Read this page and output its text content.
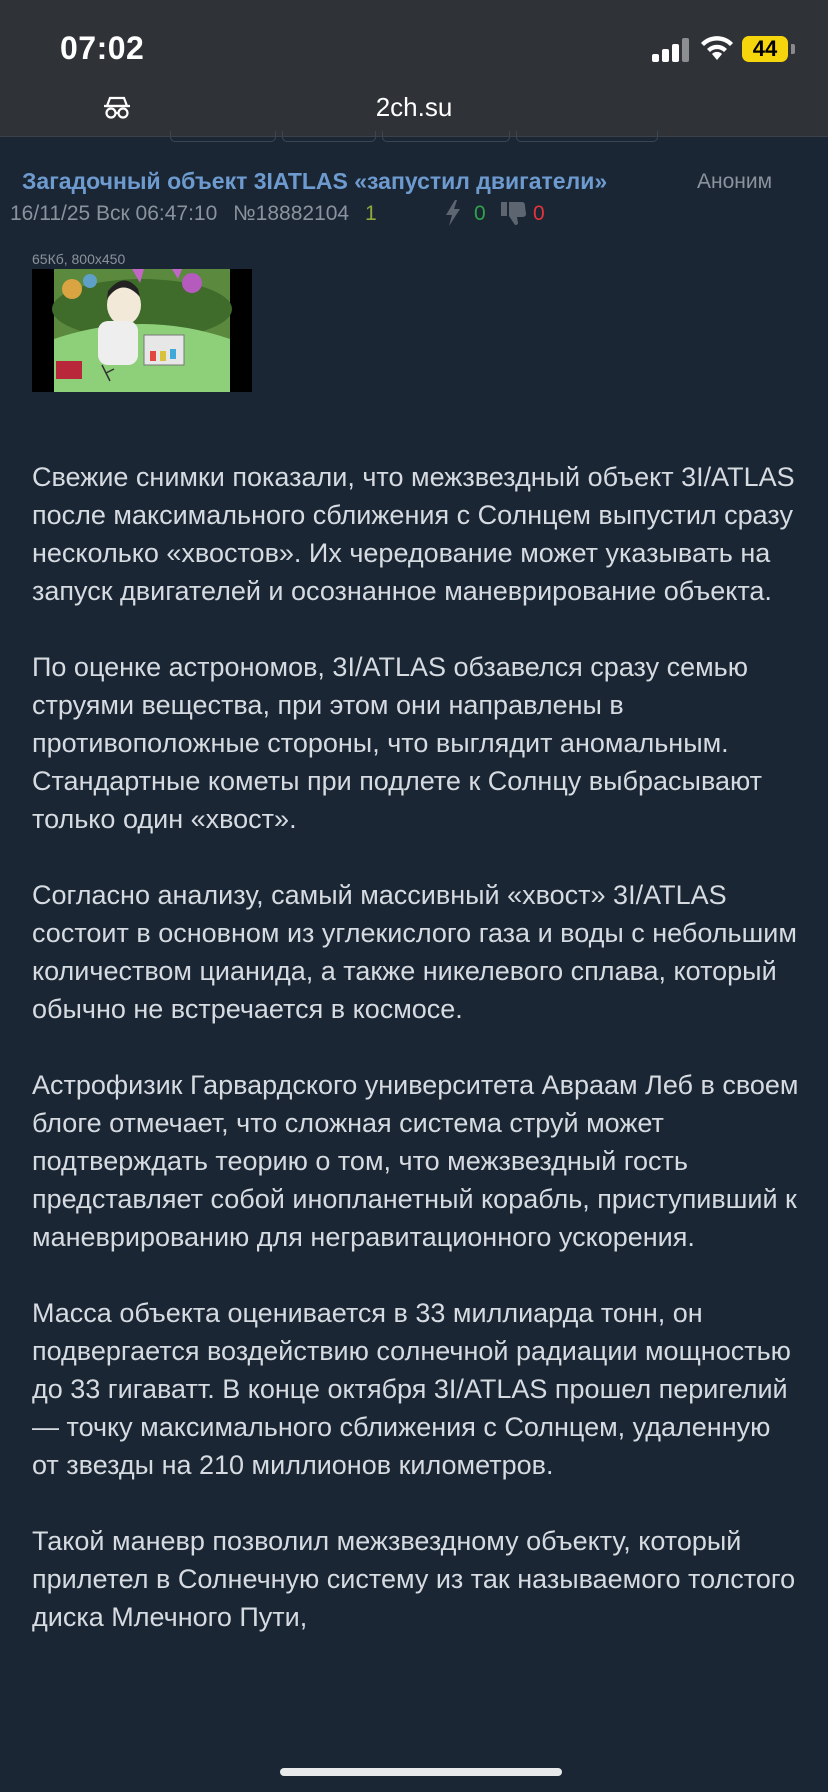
07:02	44
2ch.su
Загадочный объект 3IATLAS «запустил двигатели»	Аноним
16/11/25 Вск 06:47:10 №18882104 1	0 0
65Кб, 800x450

Свежие снимки показали, что межзвездный объект 3I/ATLAS после максимального сближения с Солнцем выпустил сразу несколько «хвостов». Их чередование может указывать на запуск двигателей и осознанное маневрирование объекта.

По оценке астрономов, 3I/ATLAS обзавелся сразу семью струями вещества, при этом они направлены в противоположные стороны, что выглядит аномальным. Стандартные кометы при подлете к Солнцу выбрасывают только один «хвост».

Согласно анализу, самый массивный «хвост» 3I/ATLAS состоит в основном из углекислого газа и воды с небольшим количеством цианида, а также никелевого сплава, который обычно не встречается в космосе.

Астрофизик Гарвардского университета Авраам Леб в своем блоге отмечает, что сложная система струй может подтверждать теорию о том, что межзвездный гость представляет собой инопланетный корабль, приступивший к маневрированию для негравитационного ускорения.

Масса объекта оценивается в 33 миллиарда тонн, он подвергается воздействию солнечной радиации мощностью до 33 гигаватт. В конце октября 3I/ATLAS прошел перигелий — точку максимального сближения с Солнцем, удаленную от звезды на 210 миллионов километров.

Такой маневр позволил межзвездному объекту, который прилетел в Солнечную систему из так называемого толстого диска Млечного Пути,
